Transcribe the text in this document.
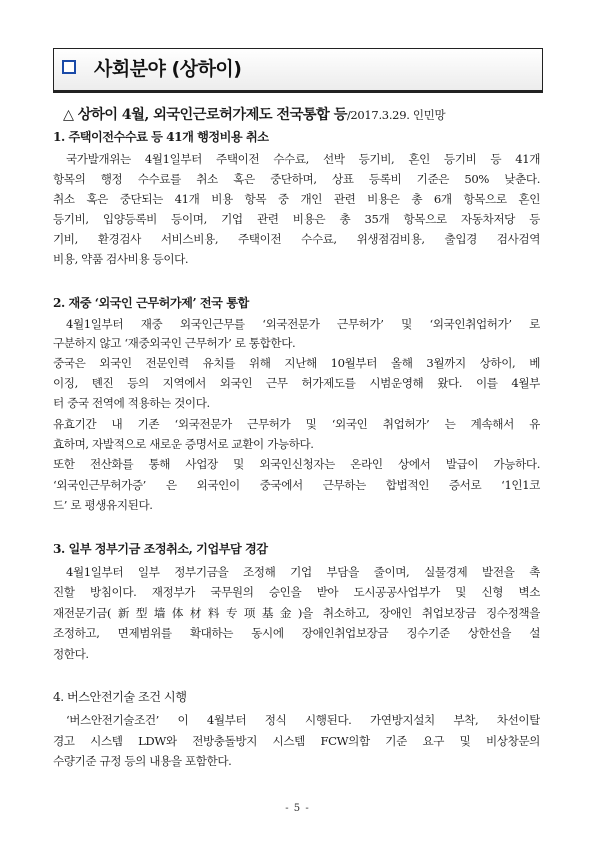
사회분야 (상하이)
△ 상하이 4월, 외국인근로허가제도 전국통합 등/2017.3.29. 인민망
1. 주택이전수수료 등 41개 행정비용 취소
국가발개위는 4월1일부터 주택이전 수수료, 선박 등기비, 혼인 등기비 등 41개
항목의 행정 수수료를 취소 혹은 중단하며, 상표 등록비 기준은 50% 낮춘다.
취소 혹은 중단되는 41개 비용 항목 중 개인 관련 비용은 총 6개 항목으로 혼인
등기비, 입양등록비 등이며, 기업 관련 비용은 총 35개 항목으로 자동차저당 등
기비, 환경검사 서비스비용, 주택이전 수수료, 위생점검비용, 출입경 검사검역
비용, 약품 검사비용 등이다.
2. 재중 ‘외국인 근무허가제’ 전국 통합
4월1일부터 재중 외국인근무를 ‘외국전문가 근무허가’ 및 ‘외국인취업허가’ 로
구분하지 않고 ‘재중외국인 근무허가’ 로 통합한다.
중국은 외국인 전문인력 유치를 위해 지난해 10월부터 올해 3월까지 상하이, 베
이징, 톈진 등의 지역에서 외국인 근무 허가제도를 시범운영해 왔다. 이를 4월부
터 중국 전역에 적용하는 것이다.
유효기간 내 기존 ‘외국전문가 근무허가 및 ‘외국인 취업허가’ 는 계속해서 유
효하며, 자발적으로 새로운 증명서로 교환이 가능하다.
또한 전산화를 통해 사업장 및 외국인신청자는 온라인 상에서 발급이 가능하다.
‘외국인근무허가증’ 은 외국인이 중국에서 근무하는 합법적인 증서로 ‘1인1코
드’ 로 평생유지된다.
3. 일부 정부기금 조정취소, 기업부담 경감
4월1일부터 일부 정부기금을 조정해 기업 부담을 줄이며, 실물경제 발전을 촉
진할 방침이다. 재정부가 국무원의 승인을 받아 도시공공사업부가 및 신형 벽소
재전문기금(新型墙体材料专项基金)을 취소하고, 장애인 취업보장금 징수정책을
조정하고, 면제범위를 확대하는 동시에 장애인취업보장금 징수기준 상한선을 설
정한다.
4. 버스안전기술 조건 시행
‘버스안전기술조건’ 이 4월부터 정식 시행된다. 가연방지설치 부착, 차선이탈
경고 시스템 LDW와 전방충돌방지 시스템 FCW의함 기준 요구 및 비상창문의
수량기준 규정 등의 내용을 포함한다.
- 5 -
